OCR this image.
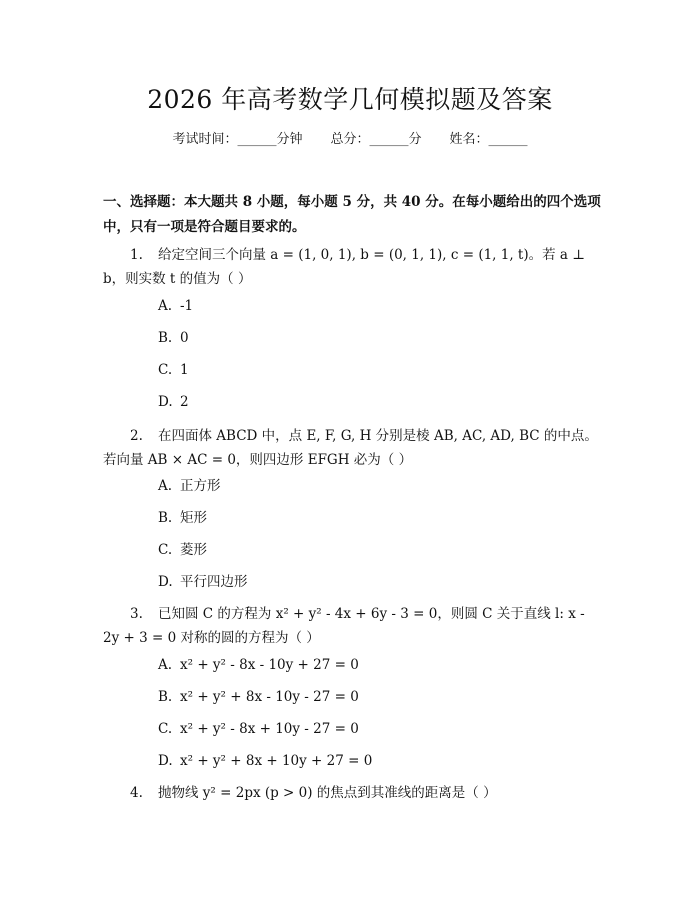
2026 年高考数学几何模拟题及答案
考试时间：______分钟 总分：______分 姓名：______
一、选择题：本大题共 8 小题，每小题 5 分，共 40 分。在每小题给出的四个选项中，只有一项是符合题目要求的。
1. 给定空间三个向量 a = (1, 0, 1), b = (0, 1, 1), c = (1, 1, t)。若 a ⊥ b，则实数 t 的值为（ ）
A. -1
B. 0
C. 1
D. 2
2. 在四面体 ABCD 中，点 E, F, G, H 分别是棱 AB, AC, AD, BC 的中点。若向量 AB × AC = 0，则四边形 EFGH 必为（ ）
A. 正方形
B. 矩形
C. 菱形
D. 平行四边形
3. 已知圆 C 的方程为 x² + y² - 4x + 6y - 3 = 0，则圆 C 关于直线 l: x - 2y + 3 = 0 对称的圆的方程为（ ）
A. x² + y² - 8x - 10y + 27 = 0
B. x² + y² + 8x - 10y - 27 = 0
C. x² + y² - 8x + 10y - 27 = 0
D. x² + y² + 8x + 10y + 27 = 0
4. 抛物线 y² = 2px (p > 0) 的焦点到其准线的距离是（ ）
